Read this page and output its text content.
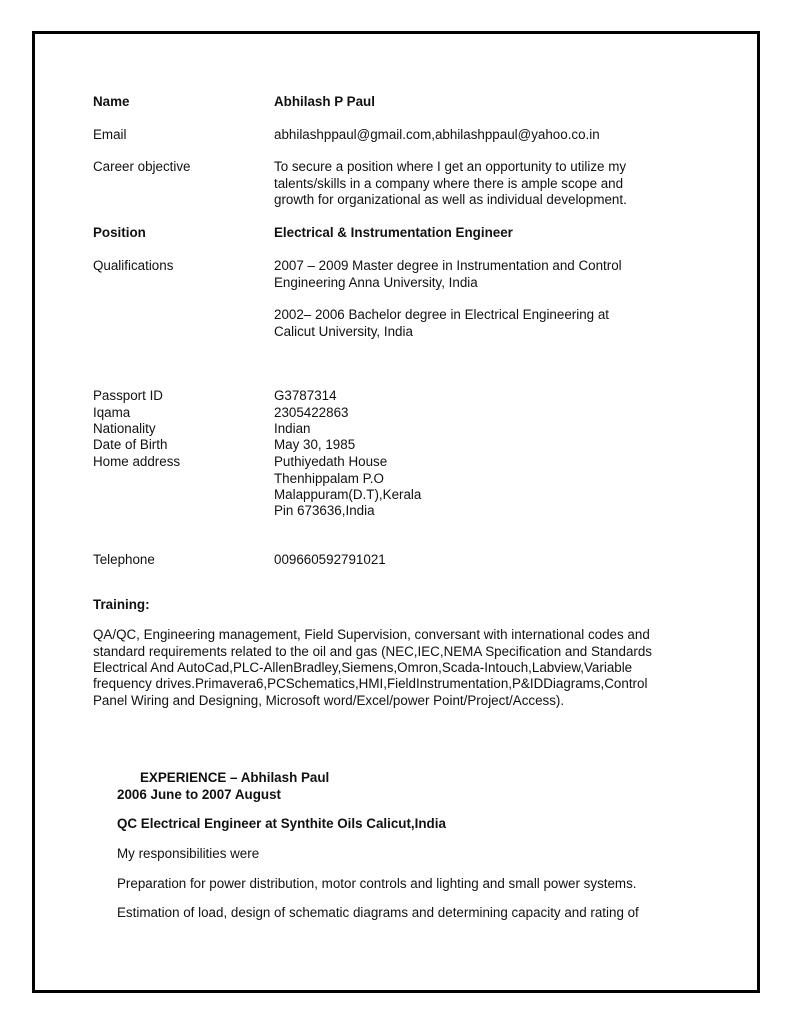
Name	Abhilash P Paul
Email	abhilashppaul@gmail.com,abhilashppaul@yahoo.co.in
Career objective	To secure a position where I get an opportunity to utilize my
talents/skills in a company where there is ample scope and
growth for organizational as well as individual development.
Position	Electrical & Instrumentation Engineer
Qualifications	2007 – 2009 Master degree in Instrumentation and Control
Engineering Anna University, India
2002– 2006 Bachelor degree in Electrical Engineering at
Calicut University, India
Passport ID	G3787314
Iqama	2305422863
Nationality	Indian
Date of Birth	May 30, 1985
Home address	Puthiyedath House
Thenhippalam P.O
Malappuram(D.T),Kerala
Pin 673636,India
Telephone	009660592791021
Training:
QA/QC, Engineering management, Field Supervision, conversant with international codes and
standard requirements related to the oil and gas (NEC,IEC,NEMA Specification and Standards
Electrical And AutoCad,PLC-AllenBradley,Siemens,Omron,Scada-Intouch,Labview,Variable
frequency drives.Primavera6,PCSchematics,HMI,FieldInstrumentation,P&IDDiagrams,Control
Panel Wiring and Designing, Microsoft word/Excel/power Point/Project/Access).
EXPERIENCE – Abhilash Paul
2006 June to 2007 August
QC Electrical Engineer at Synthite Oils Calicut,India
My responsibilities were
Preparation for power distribution, motor controls and lighting and small power systems.
Estimation of load, design of schematic diagrams and determining capacity and rating of
